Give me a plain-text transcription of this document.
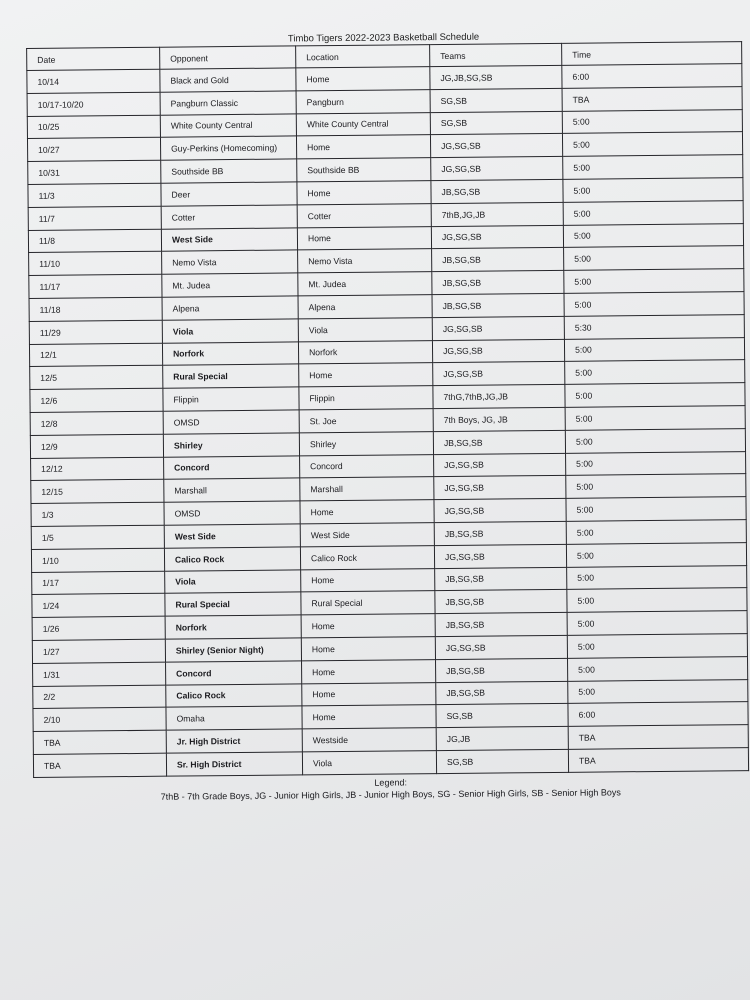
Timbo Tigers 2022-2023 Basketball Schedule
Date	Opponent	Location	Teams	Time
10/14	Black and Gold	Home	JG,JB,SG,SB	6:00
10/17-10/20	Pangburn Classic	Pangburn	SG,SB	TBA
10/25	White County Central	White County Central	SG,SB	5:00
10/27	Guy-Perkins (Homecoming)	Home	JG,SG,SB	5:00
10/31	Southside BB	Southside BB	JG,SG,SB	5:00
11/3	Deer	Home	JB,SG,SB	5:00
11/7	Cotter	Cotter	7thB,JG,JB	5:00
11/8	West Side	Home	JG,SG,SB	5:00
11/10	Nemo Vista	Nemo Vista	JB,SG,SB	5:00
11/17	Mt. Judea	Mt. Judea	JB,SG,SB	5:00
11/18	Alpena	Alpena	JB,SG,SB	5:00
11/29	Viola	Viola	JG,SG,SB	5:30
12/1	Norfork	Norfork	JG,SG,SB	5:00
12/5	Rural Special	Home	JG,SG,SB	5:00
12/6	Flippin	Flippin	7thG,7thB,JG,JB	5:00
12/8	OMSD	St. Joe	7th Boys, JG, JB	5:00
12/9	Shirley	Shirley	JB,SG,SB	5:00
12/12	Concord	Concord	JG,SG,SB	5:00
12/15	Marshall	Marshall	JG,SG,SB	5:00
1/3	OMSD	Home	JG,SG,SB	5:00
1/5	West Side	West Side	JB,SG,SB	5:00
1/10	Calico Rock	Calico Rock	JG,SG,SB	5:00
1/17	Viola	Home	JB,SG,SB	5:00
1/24	Rural Special	Rural Special	JB,SG,SB	5:00
1/26	Norfork	Home	JB,SG,SB	5:00
1/27	Shirley (Senior Night)	Home	JG,SG,SB	5:00
1/31	Concord	Home	JB,SG,SB	5:00
2/2	Calico Rock	Home	JB,SG,SB	5:00
2/10	Omaha	Home	SG,SB	6:00
TBA	Jr. High District	Westside	JG,JB	TBA
TBA	Sr. High District	Viola	SG,SB	TBA
Legend:
7thB - 7th Grade Boys, JG - Junior High Girls, JB - Junior High Boys, SG - Senior High Girls, SB - Senior High Boys
